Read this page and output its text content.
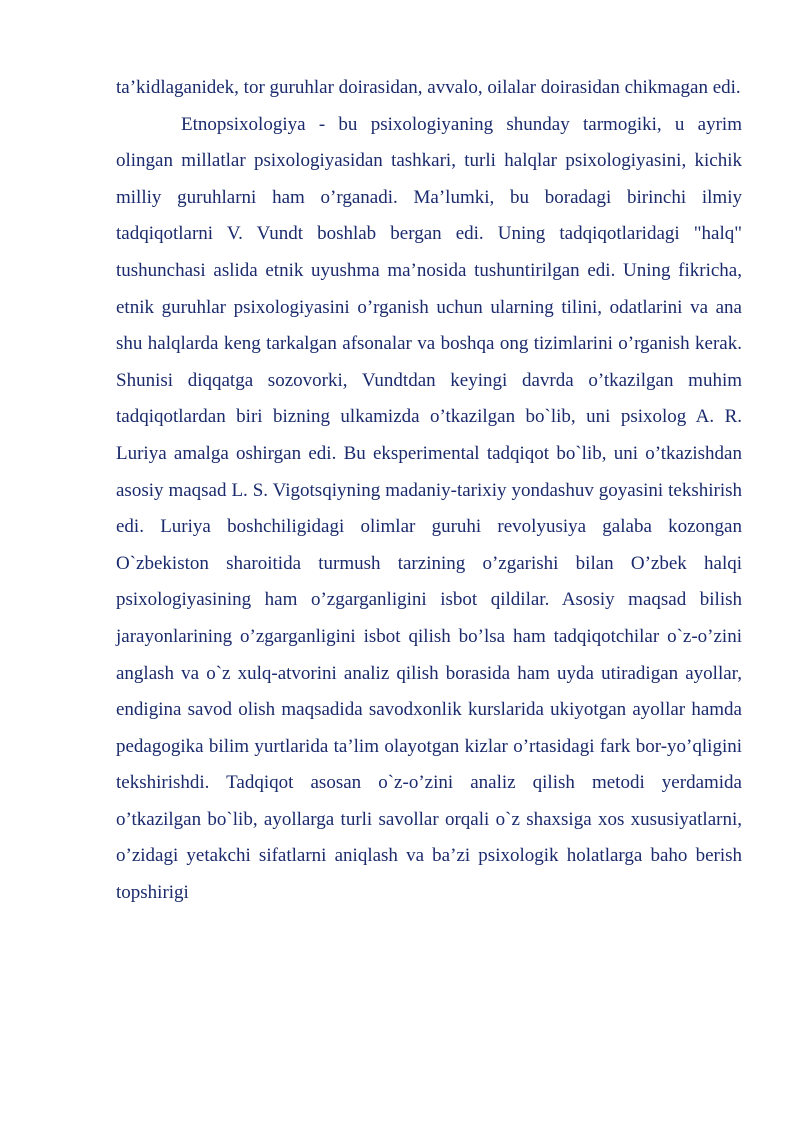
ta’kidlaganidek, tor guruhlar doirasidan, avvalo, oilalar doirasidan chikmagan edi.

Etnopsixologiya - bu psixologiyaning shunday tarmogiki, u ayrim olingan millatlar psixologiyasidan tashkari, turli halqlar psixologiyasini, kichik milliy guruhlarni ham o’rganadi. Ma’lumki, bu boradagi birinchi ilmiy tadqiqotlarni V. Vundt boshlab bergan edi. Uning tadqiqotlaridagi "halq" tushunchasi aslida etnik uyushma ma’nosida tushuntirilgan edi. Uning fikricha, etnik guruhlar psixologiyasini o’rganish uchun ularning tilini, odatlarini va ana shu halqlarda keng tarkalgan afsonalar va boshqa ong tizimlarini o’rganish kerak. Shunisi diqqatga sozovorki, Vundtdan keyingi davrda o’tkazilgan muhim tadqiqotlardan biri bizning ulkamizda o’tkazilgan bo`lib, uni psixolog A. R. Luriya amalga oshirgan edi. Bu eksperimental tadqiqot bo`lib, uni o’tkazishdan asosiy maqsad L. S. Vigotsqiyning madaniy-tarixiy yondashuv goyasini tekshirish edi. Luriya boshchiligidagi olimlar guruhi revolyusiya galaba kozongan O`zbekiston sharoitida turmush tarzining o’zgarishi bilan O’zbek halqi psixologiyasining ham o’zgarganligini isbot qildilar. Asosiy maqsad bilish jarayonlarining o’zgarganligini isbot qilish bo’lsa ham tadqiqotchilar o`z-o’zini anglash va o`z xulq-atvorini analiz qilish borasida ham uyda utiradigan ayollar, endigina savod olish maqsadida savodxonlik kurslarida ukiyotgan ayollar hamda pedagogika bilim yurtlarida ta’lim olayotgan kizlar o’rtasidagi fark bor-yo’qligini tekshirishdi. Tadqiqot asosan o`z-o’zini analiz qilish metodi yerdamida o’tkazilgan bo`lib, ayollarga turli savollar orqali o`z shaxsiga xos xususiyatlarni, o’zidagi yetakchi sifatlarni aniqlash va ba’zi psixologik holatlarga baho berish topshirigi
